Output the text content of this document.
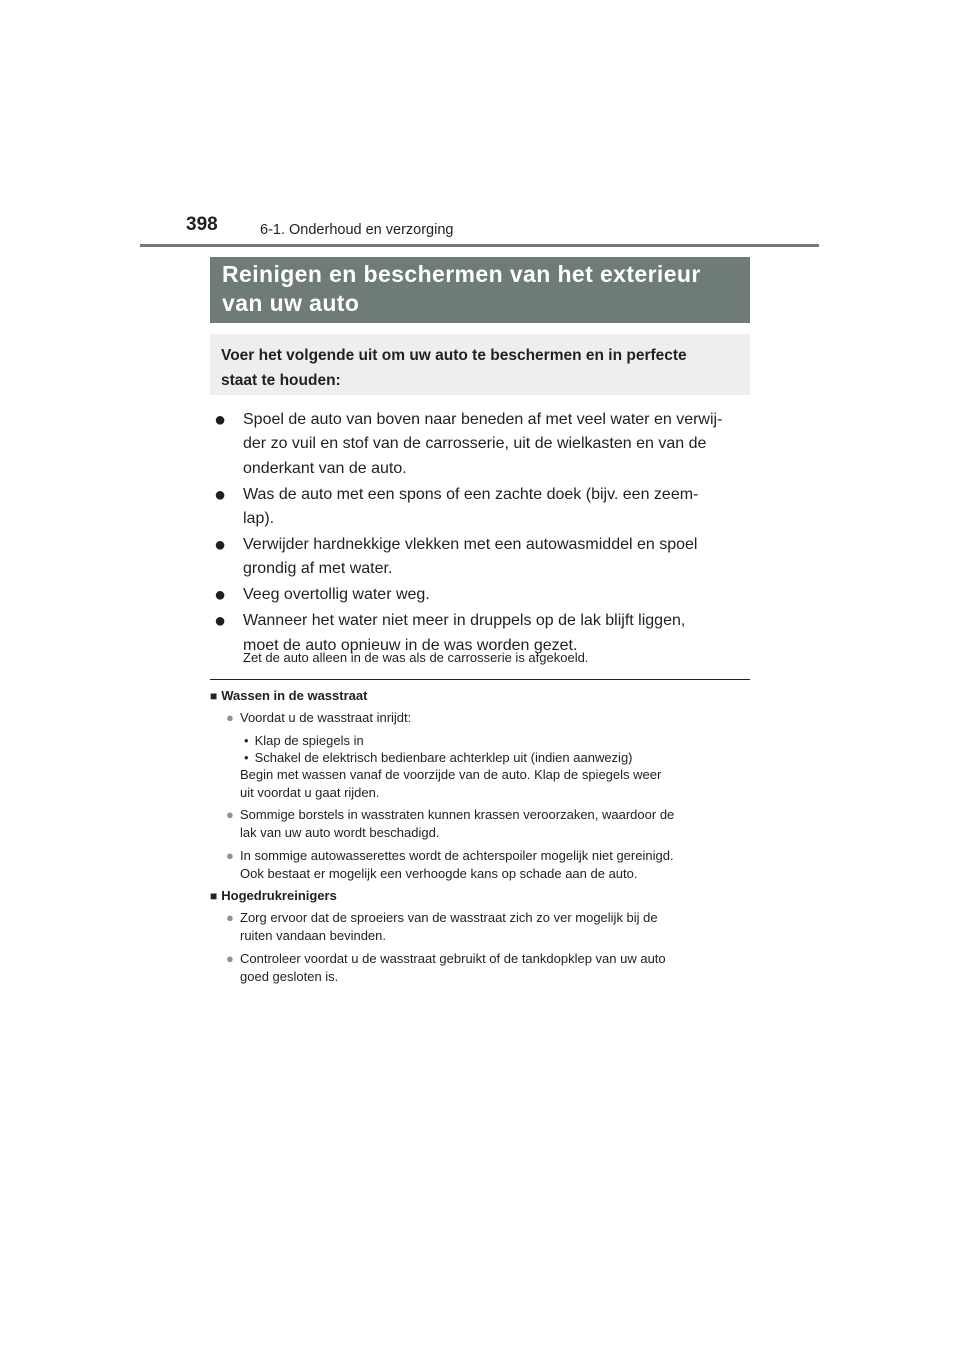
398	6-1. Onderhoud en verzorging
Reinigen en beschermen van het exterieur
van uw auto
Voer het volgende uit om uw auto te beschermen en in perfecte
staat te houden:
● Spoel de auto van boven naar beneden af met veel water en verwij-
der zo vuil en stof van de carrosserie, uit de wielkasten en van de
onderkant van de auto.
● Was de auto met een spons of een zachte doek (bijv. een zeem-
lap).
● Verwijder hardnekkige vlekken met een autowasmiddel en spoel
grondig af met water.
● Veeg overtollig water weg.
● Wanneer het water niet meer in druppels op de lak blijft liggen,
moet de auto opnieuw in de was worden gezet.
Zet de auto alleen in de was als de carrosserie is afgekoeld.
■ Wassen in de wasstraat
● Voordat u de wasstraat inrijdt:
• Klap de spiegels in
• Schakel de elektrisch bedienbare achterklep uit (indien aanwezig)
Begin met wassen vanaf de voorzijde van de auto. Klap de spiegels weer
uit voordat u gaat rijden.
● Sommige borstels in wasstraten kunnen krassen veroorzaken, waardoor de
lak van uw auto wordt beschadigd.
● In sommige autowasserettes wordt de achterspoiler mogelijk niet gereinigd.
Ook bestaat er mogelijk een verhoogde kans op schade aan de auto.
■ Hogedrukreinigers
● Zorg ervoor dat de sproeiers van de wasstraat zich zo ver mogelijk bij de
ruiten vandaan bevinden.
● Controleer voordat u de wasstraat gebruikt of de tankdopklep van uw auto
goed gesloten is.
